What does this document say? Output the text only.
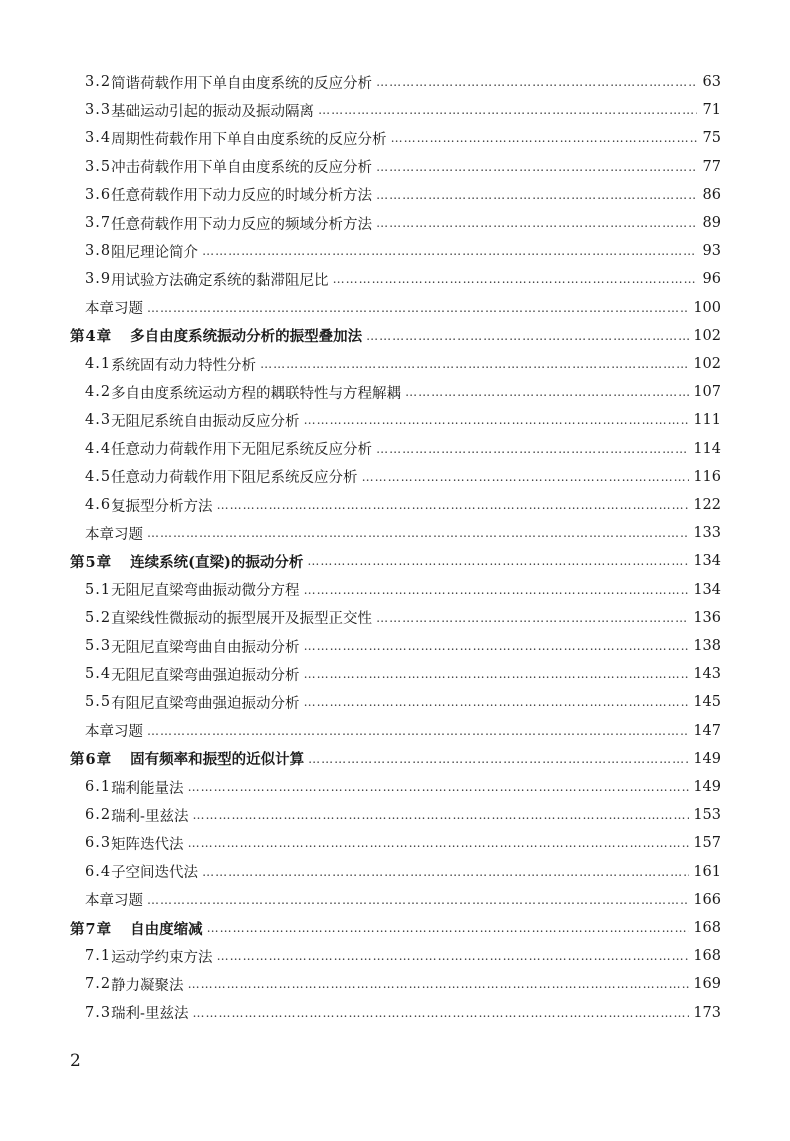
3.2 简谐荷载作用下单自由度系统的反应分析 …………………………………………………………………………………………………………………………………………………………………………………………………………	63
3.3 基础运动引起的振动及振动隔离 …………………………………………………………………………………………………………………………………………………………………………………………………………	71
3.4 周期性荷载作用下单自由度系统的反应分析 …………………………………………………………………………………………………………………………………………………………………………………………………………	75
3.5 冲击荷载作用下单自由度系统的反应分析 …………………………………………………………………………………………………………………………………………………………………………………………………………	77
3.6 任意荷载作用下动力反应的时域分析方法 …………………………………………………………………………………………………………………………………………………………………………………………………………	86
3.7 任意荷载作用下动力反应的频域分析方法 …………………………………………………………………………………………………………………………………………………………………………………………………………	89
3.8 阻尼理论简介 …………………………………………………………………………………………………………………………………………………………………………………………………………	93
3.9 用试验方法确定系统的黏滞阻尼比 …………………………………………………………………………………………………………………………………………………………………………………………………………	96
本章习题 …………………………………………………………………………………………………………………………………………………………………………………………………………	100
第4章 多自由度系统振动分析的振型叠加法 …………………………………………………………………………………………………………………………………………………………………………………………………………	102
4.1 系统固有动力特性分析 …………………………………………………………………………………………………………………………………………………………………………………………………………	102
4.2 多自由度系统运动方程的耦联特性与方程解耦 …………………………………………………………………………………………………………………………………………………………………………………………………………	107
4.3 无阻尼系统自由振动反应分析 …………………………………………………………………………………………………………………………………………………………………………………………………………	111
4.4 任意动力荷载作用下无阻尼系统反应分析 …………………………………………………………………………………………………………………………………………………………………………………………………………	114
4.5 任意动力荷载作用下阻尼系统反应分析 …………………………………………………………………………………………………………………………………………………………………………………………………………	116
4.6 复振型分析方法 …………………………………………………………………………………………………………………………………………………………………………………………………………	122
本章习题 …………………………………………………………………………………………………………………………………………………………………………………………………………	133
第5章 连续系统(直梁)的振动分析 …………………………………………………………………………………………………………………………………………………………………………………………………………	134
5.1 无阻尼直梁弯曲振动微分方程 …………………………………………………………………………………………………………………………………………………………………………………………………………	134
5.2 直梁线性微振动的振型展开及振型正交性 …………………………………………………………………………………………………………………………………………………………………………………………………………	136
5.3 无阻尼直梁弯曲自由振动分析 …………………………………………………………………………………………………………………………………………………………………………………………………………	138
5.4 无阻尼直梁弯曲强迫振动分析 …………………………………………………………………………………………………………………………………………………………………………………………………………	143
5.5 有阻尼直梁弯曲强迫振动分析 …………………………………………………………………………………………………………………………………………………………………………………………………………	145
本章习题 …………………………………………………………………………………………………………………………………………………………………………………………………………	147
第6章 固有频率和振型的近似计算 …………………………………………………………………………………………………………………………………………………………………………………………………………	149
6.1 瑞利能量法 …………………………………………………………………………………………………………………………………………………………………………………………………………	149
6.2 瑞利-里兹法 …………………………………………………………………………………………………………………………………………………………………………………………………………	153
6.3 矩阵迭代法 …………………………………………………………………………………………………………………………………………………………………………………………………………	157
6.4 子空间迭代法 …………………………………………………………………………………………………………………………………………………………………………………………………………	161
本章习题 …………………………………………………………………………………………………………………………………………………………………………………………………………	166
第7章 自由度缩减 …………………………………………………………………………………………………………………………………………………………………………………………………………	168
7.1 运动学约束方法 …………………………………………………………………………………………………………………………………………………………………………………………………………	168
7.2 静力凝聚法 …………………………………………………………………………………………………………………………………………………………………………………………………………	169
7.3 瑞利-里兹法 …………………………………………………………………………………………………………………………………………………………………………………………………………	173
2
